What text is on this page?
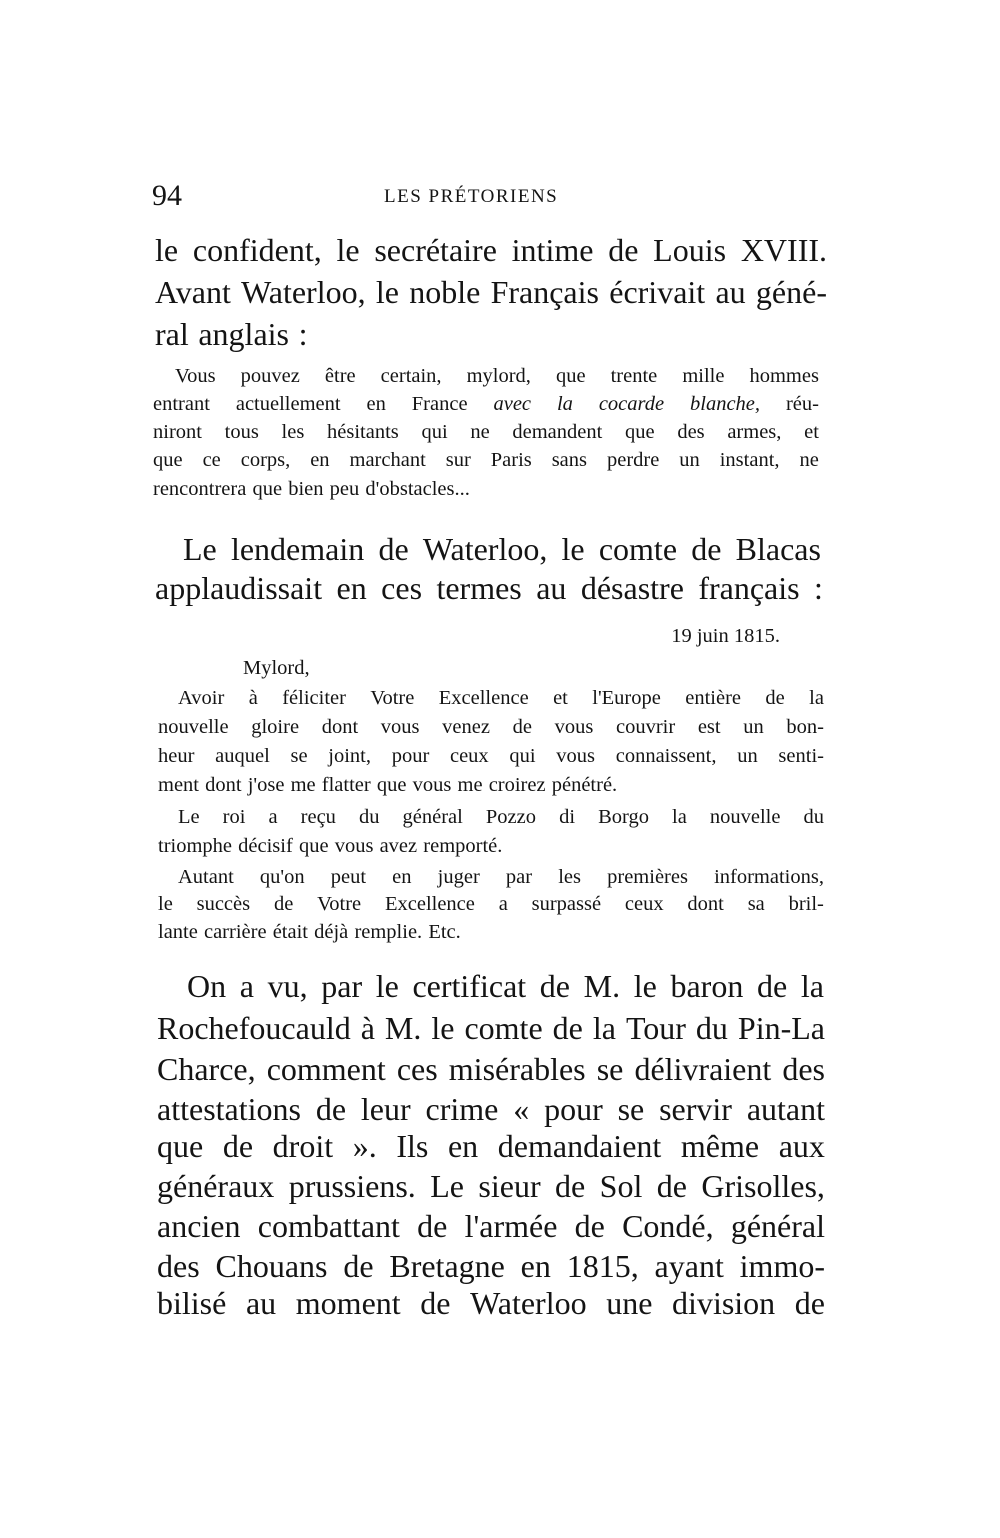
94	LES PRÉTORIENS
le confident, le secrétaire intime de Louis XVIII.
Avant Waterloo, le noble Français écrivait au géné-
ral anglais :
Vous pouvez être certain, mylord, que trente mille hommes
entrant actuellement en France avec la cocarde blanche, réu-
niront tous les hésitants qui ne demandent que des armes, et
que ce corps, en marchant sur Paris sans perdre un instant, ne
rencontrera que bien peu d'obstacles...
Le lendemain de Waterloo, le comte de Blacas
applaudissait en ces termes au désastre français :
19 juin 1815.
Mylord,
Avoir à féliciter Votre Excellence et l'Europe entière de la
nouvelle gloire dont vous venez de vous couvrir est un bon-
heur auquel se joint, pour ceux qui vous connaissent, un senti-
ment dont j'ose me flatter que vous me croirez pénétré.
Le roi a reçu du général Pozzo di Borgo la nouvelle du
triomphe décisif que vous avez remporté.
Autant qu'on peut en juger par les premières informations,
le succès de Votre Excellence a surpassé ceux dont sa bril-
lante carrière était déjà remplie. Etc.
On a vu, par le certificat de M. le baron de la
Rochefoucauld à M. le comte de la Tour du Pin-La
Charce, comment ces misérables se délivraient des
attestations de leur crime « pour se servir autant
que de droit ». Ils en demandaient même aux
généraux prussiens. Le sieur de Sol de Grisolles,
ancien combattant de l'armée de Condé, général
des Chouans de Bretagne en 1815, ayant immo-
bilisé au moment de Waterloo une division de
